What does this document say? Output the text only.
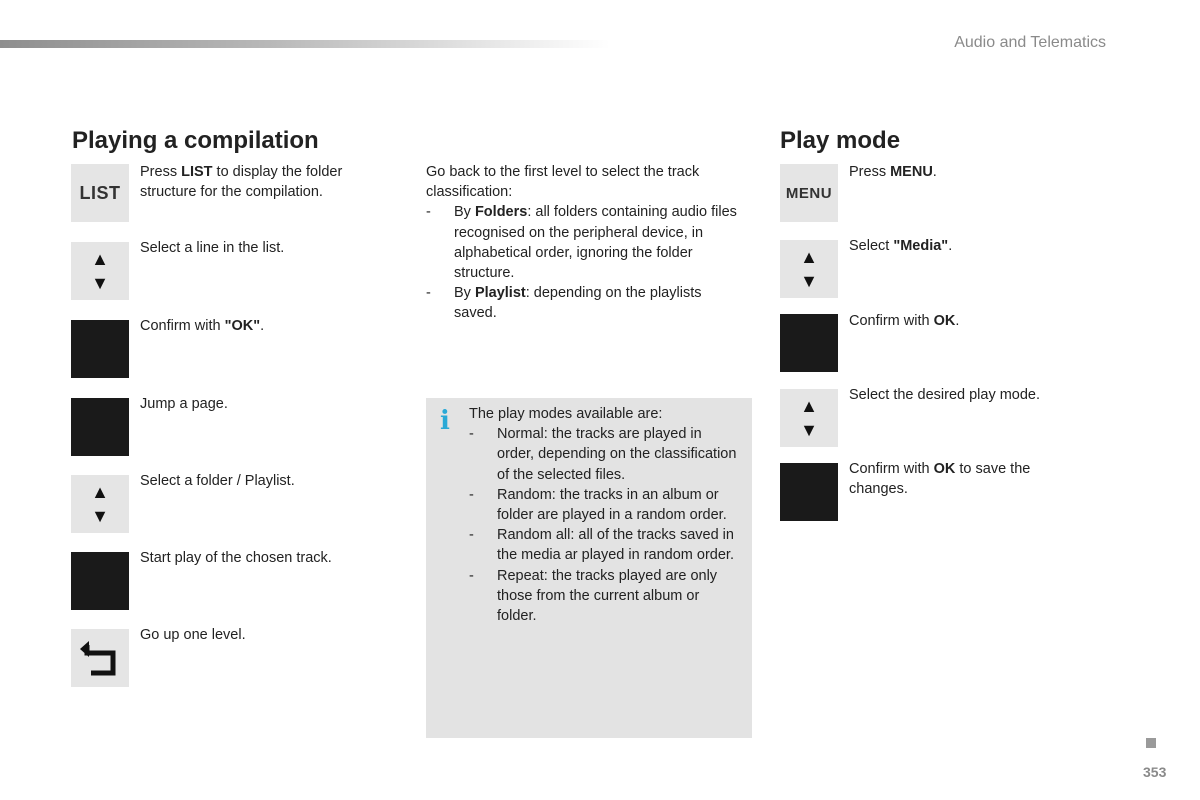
Audio and Telematics
Playing a compilation
LIST
Press LIST to display the folder structure for the compilation.
▲
▼
Select a line in the list.
Confirm with "OK".
Jump a page.
▲
▼
Select a folder / Playlist.
Start play of the chosen track.
Go up one level.
Go back to the first level to select the track classification:
- By Folders: all folders containing audio files recognised on the peripheral device, in alphabetical order, ignoring the folder structure.
- By Playlist: depending on the playlists saved.
i The play modes available are:
- Normal: the tracks are played in order, depending on the classification of the selected files.
- Random: the tracks in an album or folder are played in a random order.
- Random all: all of the tracks saved in the media ar played in random order.
- Repeat: the tracks played are only those from the current album or folder.
Play mode
MENU
Press MENU.
▲
▼
Select "Media".
Confirm with OK.
▲
▼
Select the desired play mode.
Confirm with OK to save the changes.
353
